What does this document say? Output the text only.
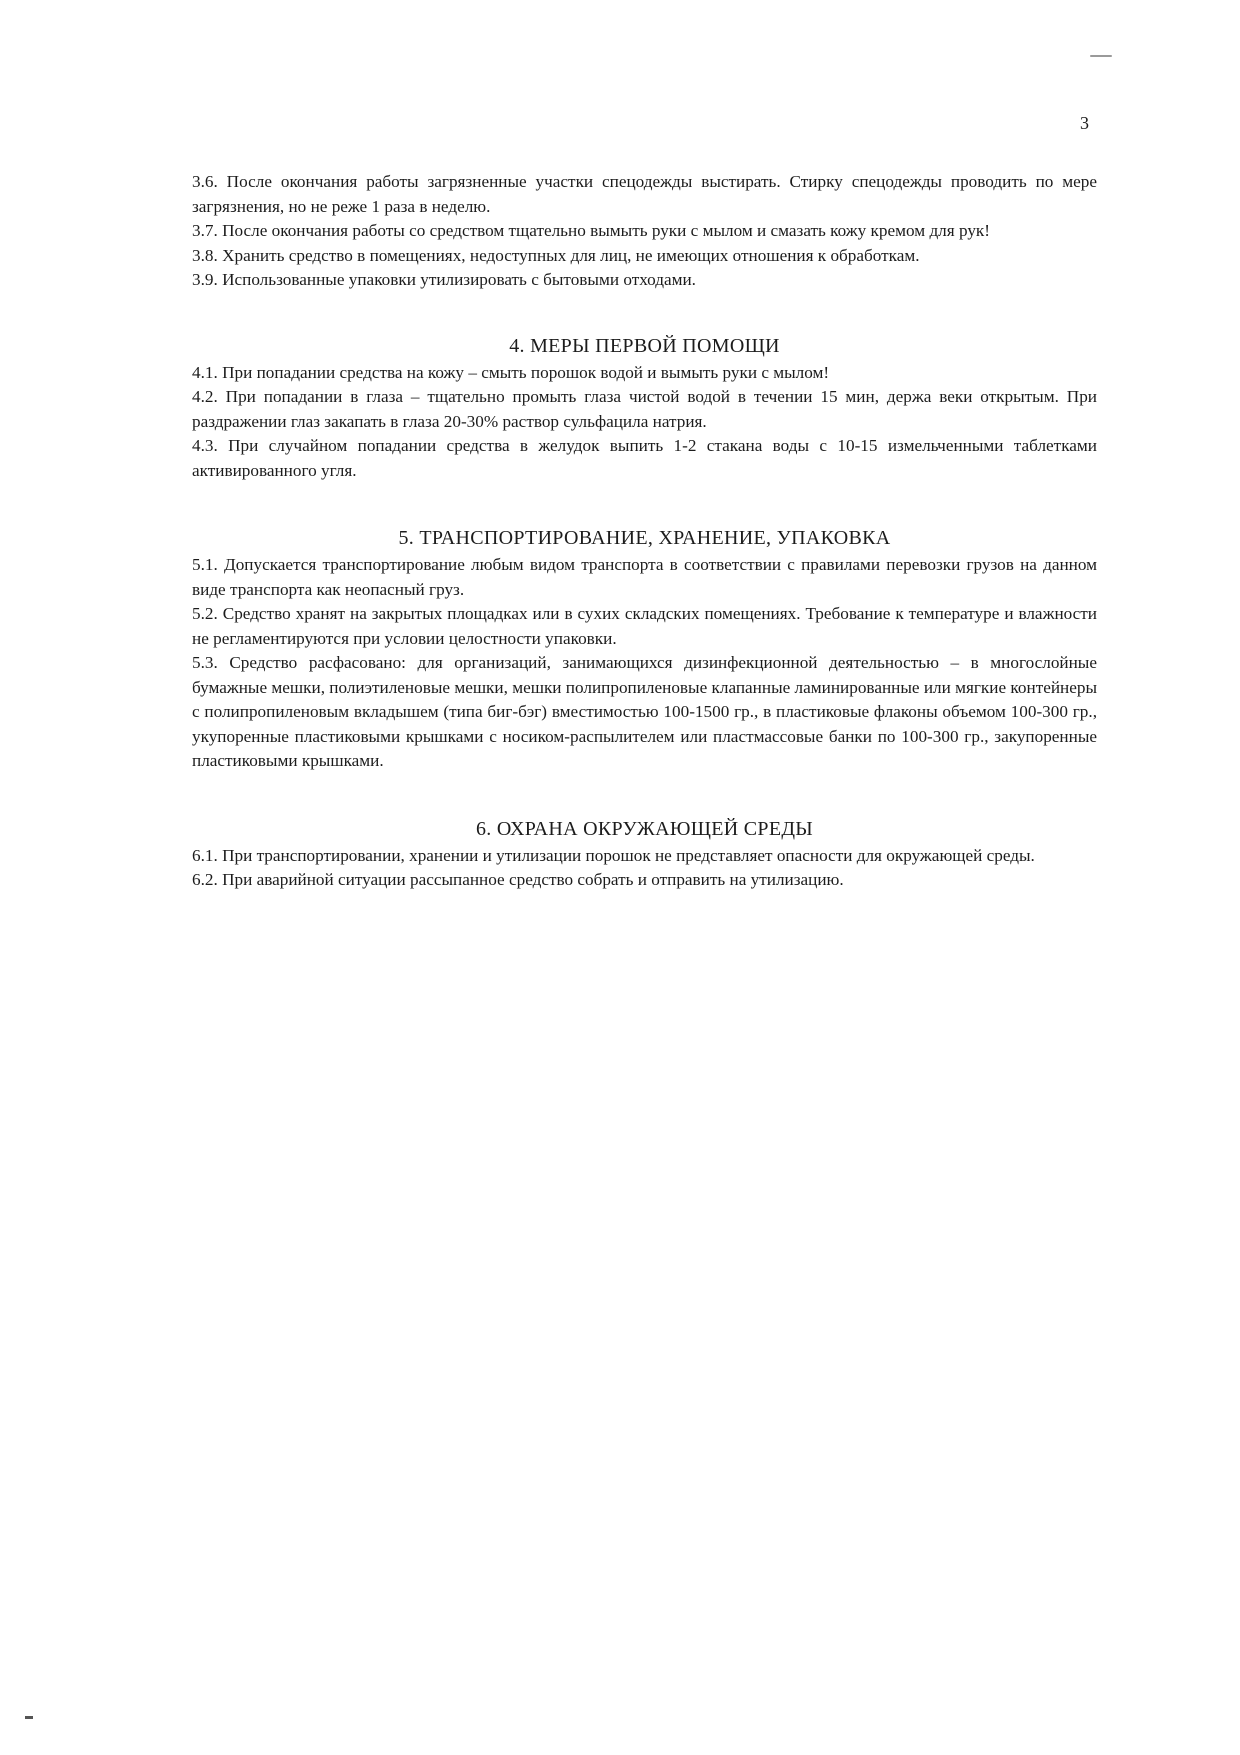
3

3.6. После окончания работы загрязненные участки спецодежды выстирать. Стирку спецодежды проводить по мере загрязнения, но не реже 1 раза в неделю.

3.7. После окончания работы со средством тщательно вымыть руки с мылом и смазать кожу кремом для рук!

3.8. Хранить средство в помещениях, недоступных для лиц, не имеющих отношения к обработкам.

3.9. Использованные упаковки утилизировать с бытовыми отходами.

4. МЕРЫ ПЕРВОЙ ПОМОЩИ

4.1. При попадании средства на кожу – смыть порошок водой и вымыть руки с мылом!

4.2. При попадании в глаза – тщательно промыть глаза чистой водой в течении 15 мин, держа веки открытым. При раздражении глаз закапать в глаза 20-30% раствор сульфацила натрия.

4.3. При случайном попадании средства в желудок выпить 1-2 стакана воды с 10-15 измельченными таблетками активированного угля.

5. ТРАНСПОРТИРОВАНИЕ, ХРАНЕНИЕ, УПАКОВКА

5.1. Допускается транспортирование любым видом транспорта в соответствии с правилами перевозки грузов на данном виде транспорта как неопасный груз.

5.2. Средство хранят на закрытых площадках или в сухих складских помещениях. Требование к температуре и влажности не регламентируются при условии целостности упаковки.

5.3. Средство расфасовано: для организаций, занимающихся дизинфекционной деятельностью – в многослойные бумажные мешки, полиэтиленовые мешки, мешки полипропиленовые клапанные ламинированные или мягкие контейнеры с полипропиленовым вкладышем (типа биг-бэг) вместимостью 100-1500 гр., в пластиковые флаконы объемом 100-300 гр., укупоренные пластиковыми крышками с носиком-распылителем или пластмассовые банки по 100-300 гр., закупоренные пластиковыми крышками.

6. ОХРАНА ОКРУЖАЮЩЕЙ СРЕДЫ

6.1. При транспортировании, хранении и утилизации порошок не представляет опасности для окружающей среды.

6.2. При аварийной ситуации рассыпанное средство собрать и отправить на утилизацию.
